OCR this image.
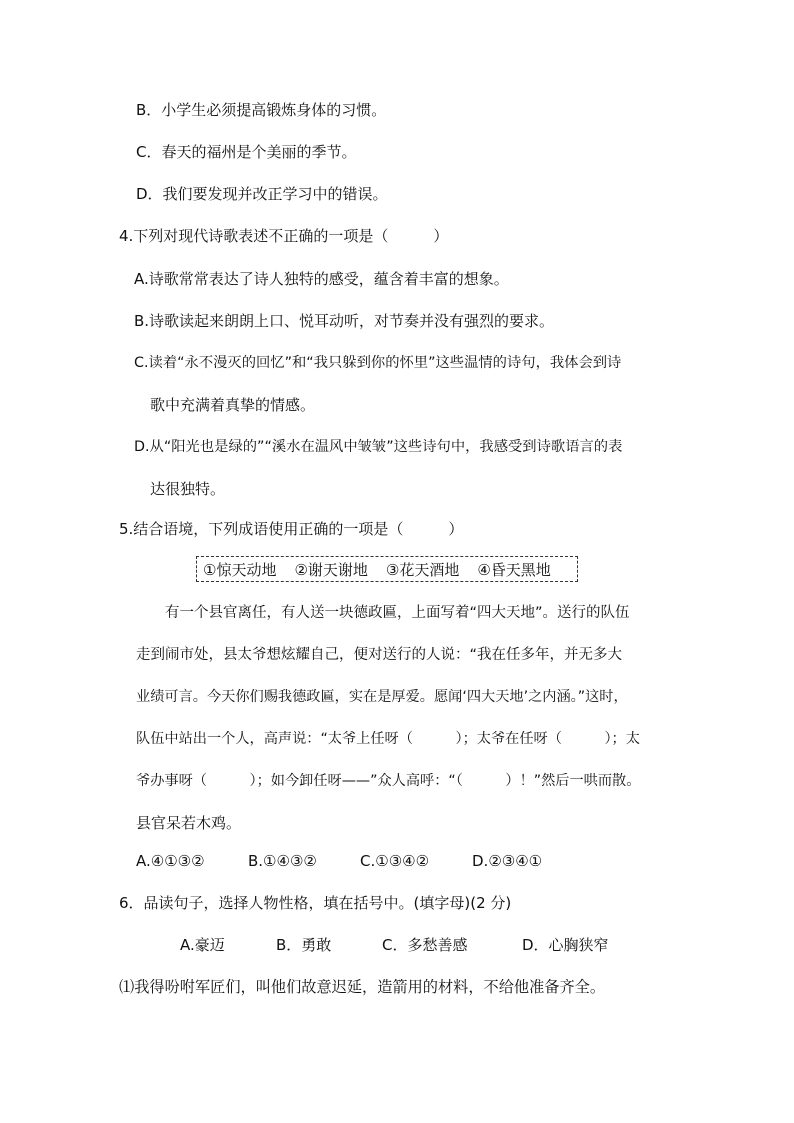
B．小学生必须提高锻炼身体的习惯。
C．春天的福州是个美丽的季节。
D．我们要发现并改正学习中的错误。
4.下列对现代诗歌表述不正确的一项是（　　　）
A.诗歌常常表达了诗人独特的感受，蕴含着丰富的想象。
B.诗歌读起来朗朗上口、悦耳动听，对节奏并没有强烈的要求。
C.读着“永不漫灭的回忆”和“我只躲到你的怀里”这些温情的诗句，我体会到诗
歌中充满着真挚的情感。
D.从“阳光也是绿的”“溪水在温风中皱皱”这些诗句中，我感受到诗歌语言的表
达很独特。
5.结合语境，下列成语使用正确的一项是（　　　）
①惊天动地 ②谢天谢地 ③花天酒地 ④昏天黑地
　　有一个县官离任，有人送一块德政匾，上面写着“四大天地”。送行的队伍
走到闹市处，县太爷想炫耀自己，便对送行的人说：“我在任多年，并无多大
业绩可言。今天你们赐我德政匾，实在是厚爱。愿闻‘四大天地’之内涵。”这时，
队伍中站出一个人，高声说：“太爷上任呀（　　　）；太爷在任呀（　　　）；太
爷办事呀（　　　）；如今卸任呀——”众人高呼：“（　　　）！”然后一哄而散。
县官呆若木鸡。
A.④①③②	B.①④③②	C.①③④②	D.②③④①
6．品读句子，选择人物性格，填在括号中。(填字母)(2 分)
A.豪迈	B．勇敢	C．多愁善感	D．心胸狭窄
⑴我得吩咐军匠们，叫他们故意迟延，造箭用的材料，不给他准备齐全。
